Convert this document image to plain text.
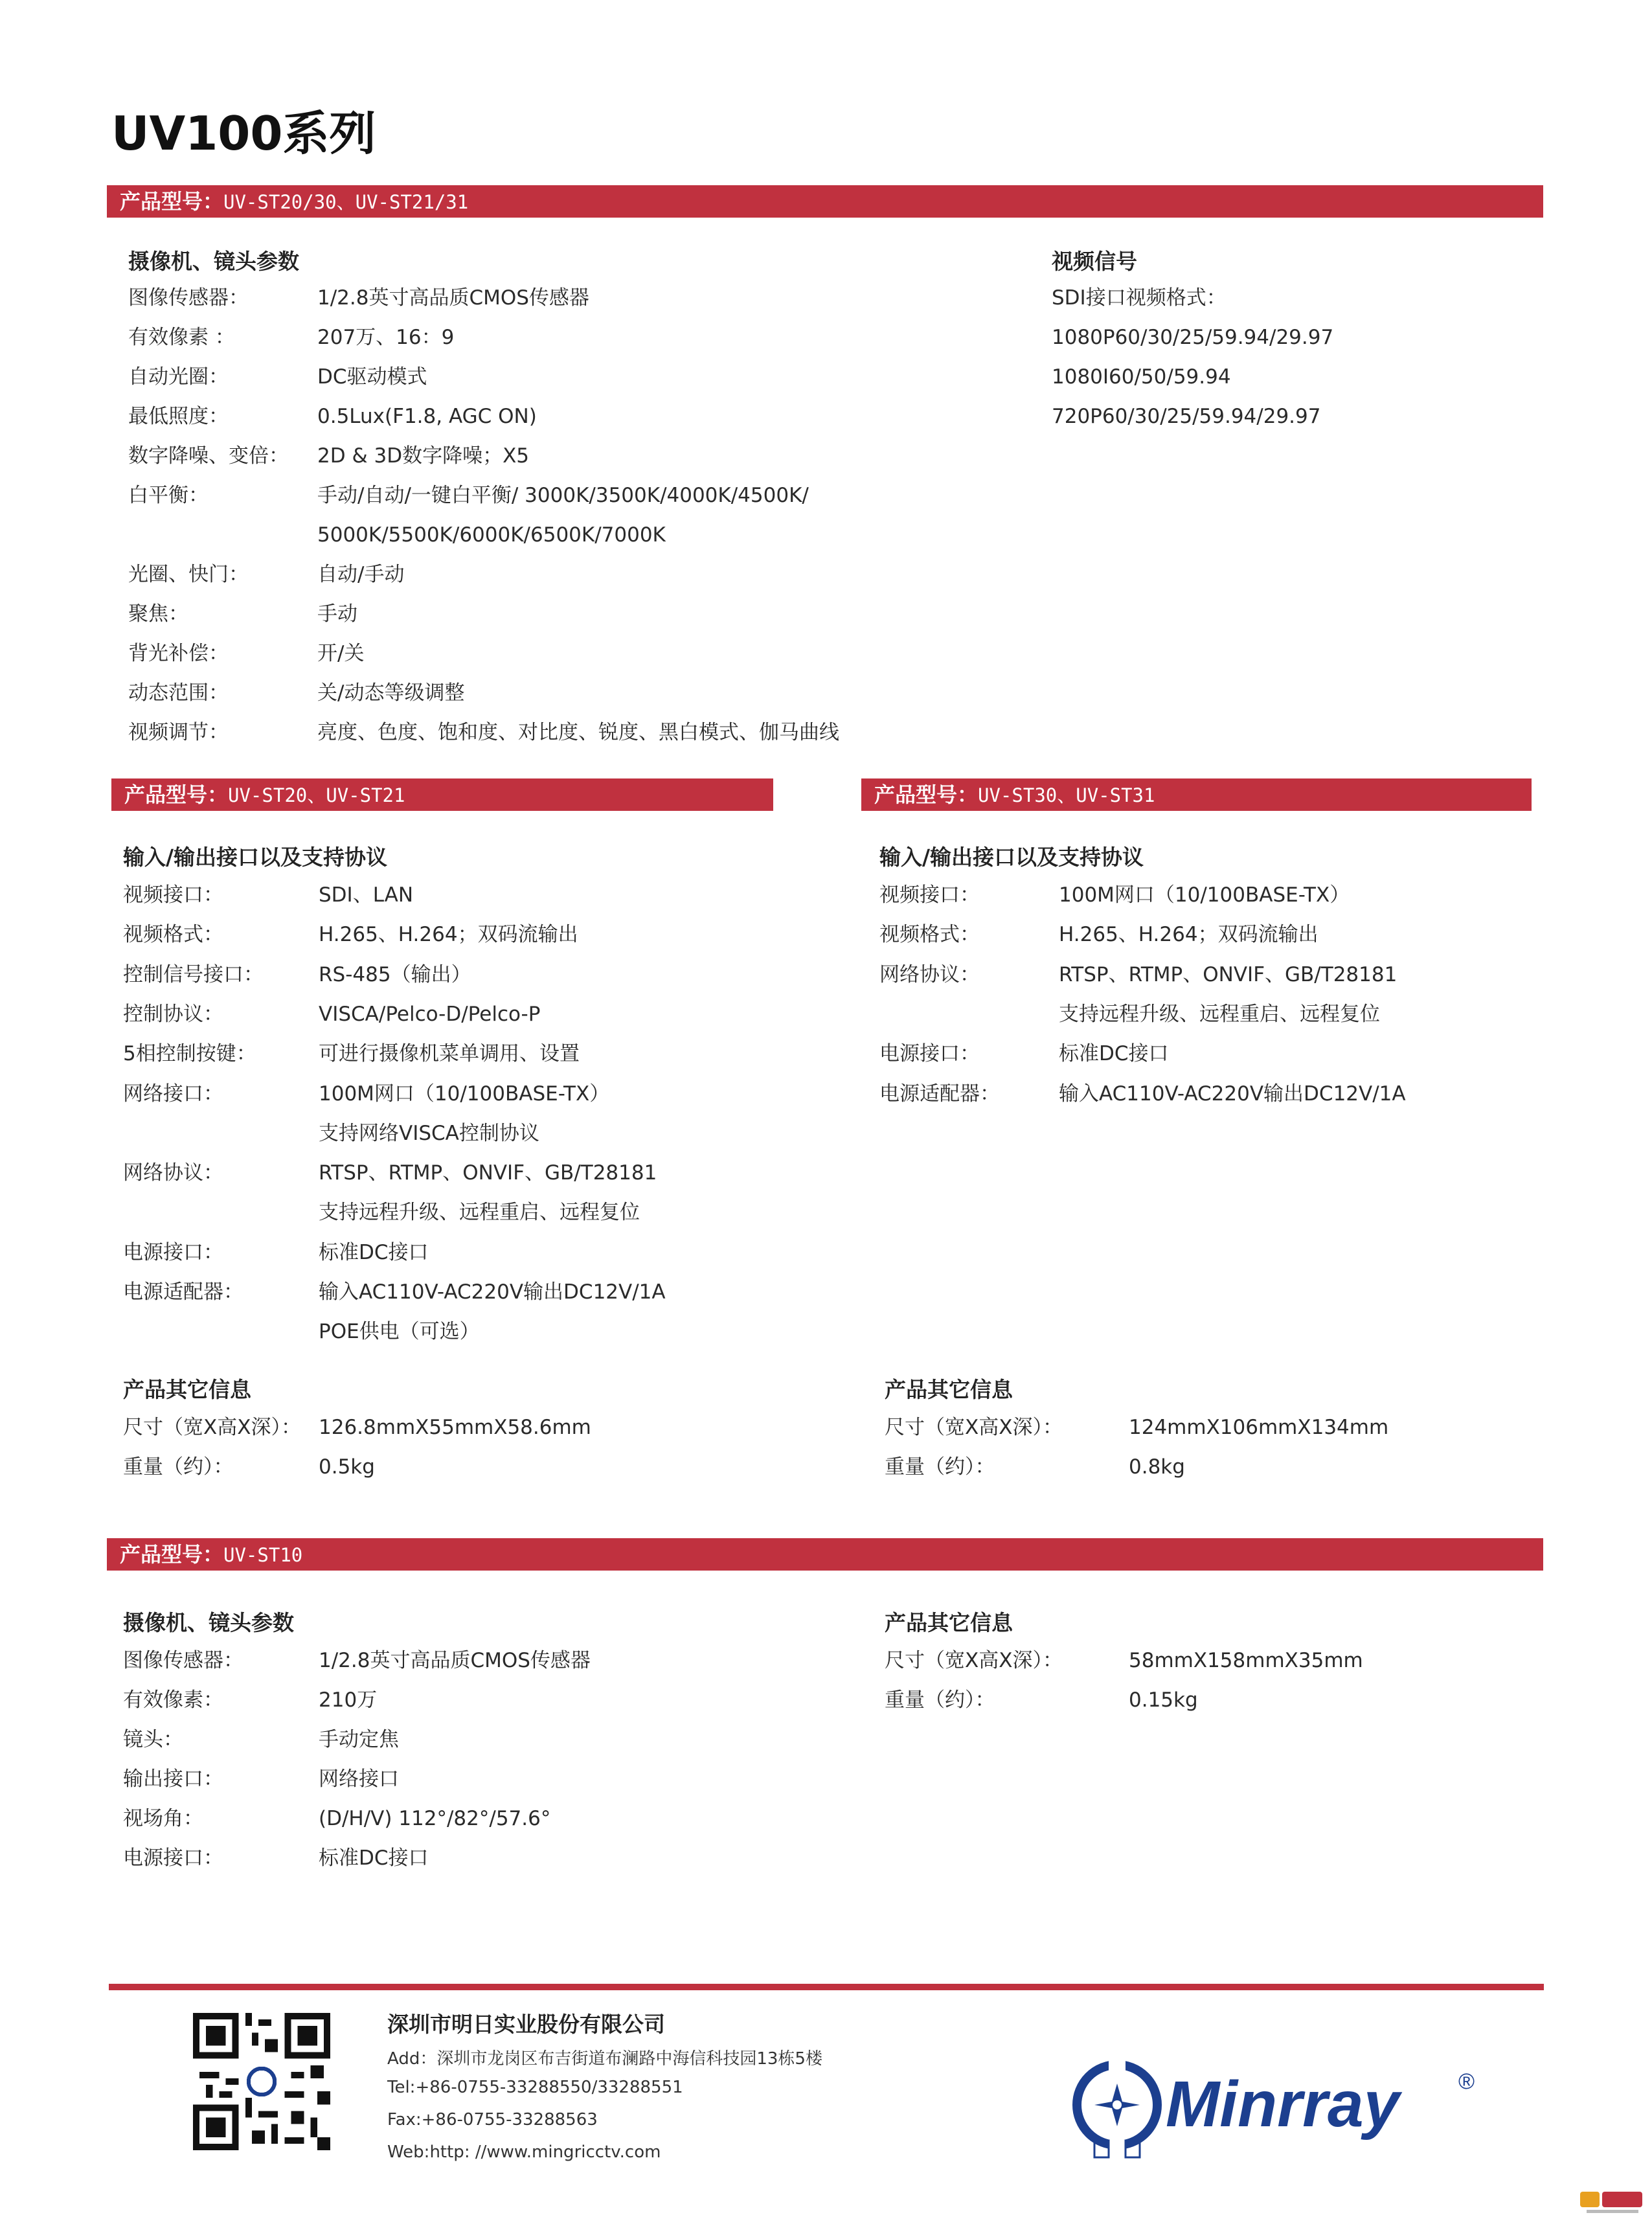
UV100系列
产品型号：UV-ST20/30、UV-ST21/31
摄像机、镜头参数
图像传感器：	1/2.8英寸高品质CMOS传感器
有效像素 ：	207万、16：9
自动光圈：	DC驱动模式
最低照度：	0.5Lux(F1.8, AGC ON)
数字降噪、变倍： 2D & 3D数字降噪；X5
白平衡：	手动/自动/一键白平衡/ 3000K/3500K/4000K/4500K/
5000K/5500K/6000K/6500K/7000K
光圈、快门：	自动/手动
聚焦：	手动
背光补偿：	开/关
动态范围：	关/动态等级调整
视频调节：	亮度、色度、饱和度、对比度、锐度、黑白模式、伽马曲线
视频信号
SDI接口视频格式：
1080P60/30/25/59.94/29.97
1080I60/50/59.94
720P60/30/25/59.94/29.97
产品型号：UV-ST20、UV-ST21	产品型号：UV-ST30、UV-ST31
输入/输出接口以及支持协议
视频接口：	SDI、LAN
视频格式：	H.265、H.264；双码流输出
控制信号接口：	RS-485（输出）
控制协议：	VISCA/Pelco-D/Pelco-P
5相控制按键：	可进行摄像机菜单调用、设置
网络接口：	100M网口（10/100BASE-TX）
支持网络VISCA控制协议
网络协议：	RTSP、RTMP、ONVIF、GB/T28181
支持远程升级、远程重启、远程复位
电源接口：	标准DC接口
电源适配器：	输入AC110V-AC220V输出DC12V/1A
POE供电（可选）
产品其它信息
尺寸（宽X高X深）： 126.8mmX55mmX58.6mm
重量（约）：	0.5kg
输入/输出接口以及支持协议
视频接口：	100M网口（10/100BASE-TX）
视频格式：	H.265、H.264；双码流输出
网络协议：	RTSP、RTMP、ONVIF、GB/T28181
支持远程升级、远程重启、远程复位
电源接口：	标准DC接口
电源适配器：	输入AC110V-AC220V输出DC12V/1A
产品其它信息
尺寸（宽X高X深）：	124mmX106mmX134mm
重量（约）：	0.8kg
产品型号：UV-ST10
摄像机、镜头参数
图像传感器：	1/2.8英寸高品质CMOS传感器
有效像素：	210万
镜头：	手动定焦
输出接口：	网络接口
视场角：	(D/H/V) 112°/82°/57.6°
电源接口：	标准DC接口
产品其它信息
尺寸（宽X高X深）：	58mmX158mmX35mm
重量（约）：	0.15kg
深圳市明日实业股份有限公司
Add：深圳市龙岗区布吉街道布澜路中海信科技园13栋5楼
Tel:+86-0755-33288550/33288551
Fax:+86-0755-33288563
Web:http: //www.mingricctv.com
Minrray	®
